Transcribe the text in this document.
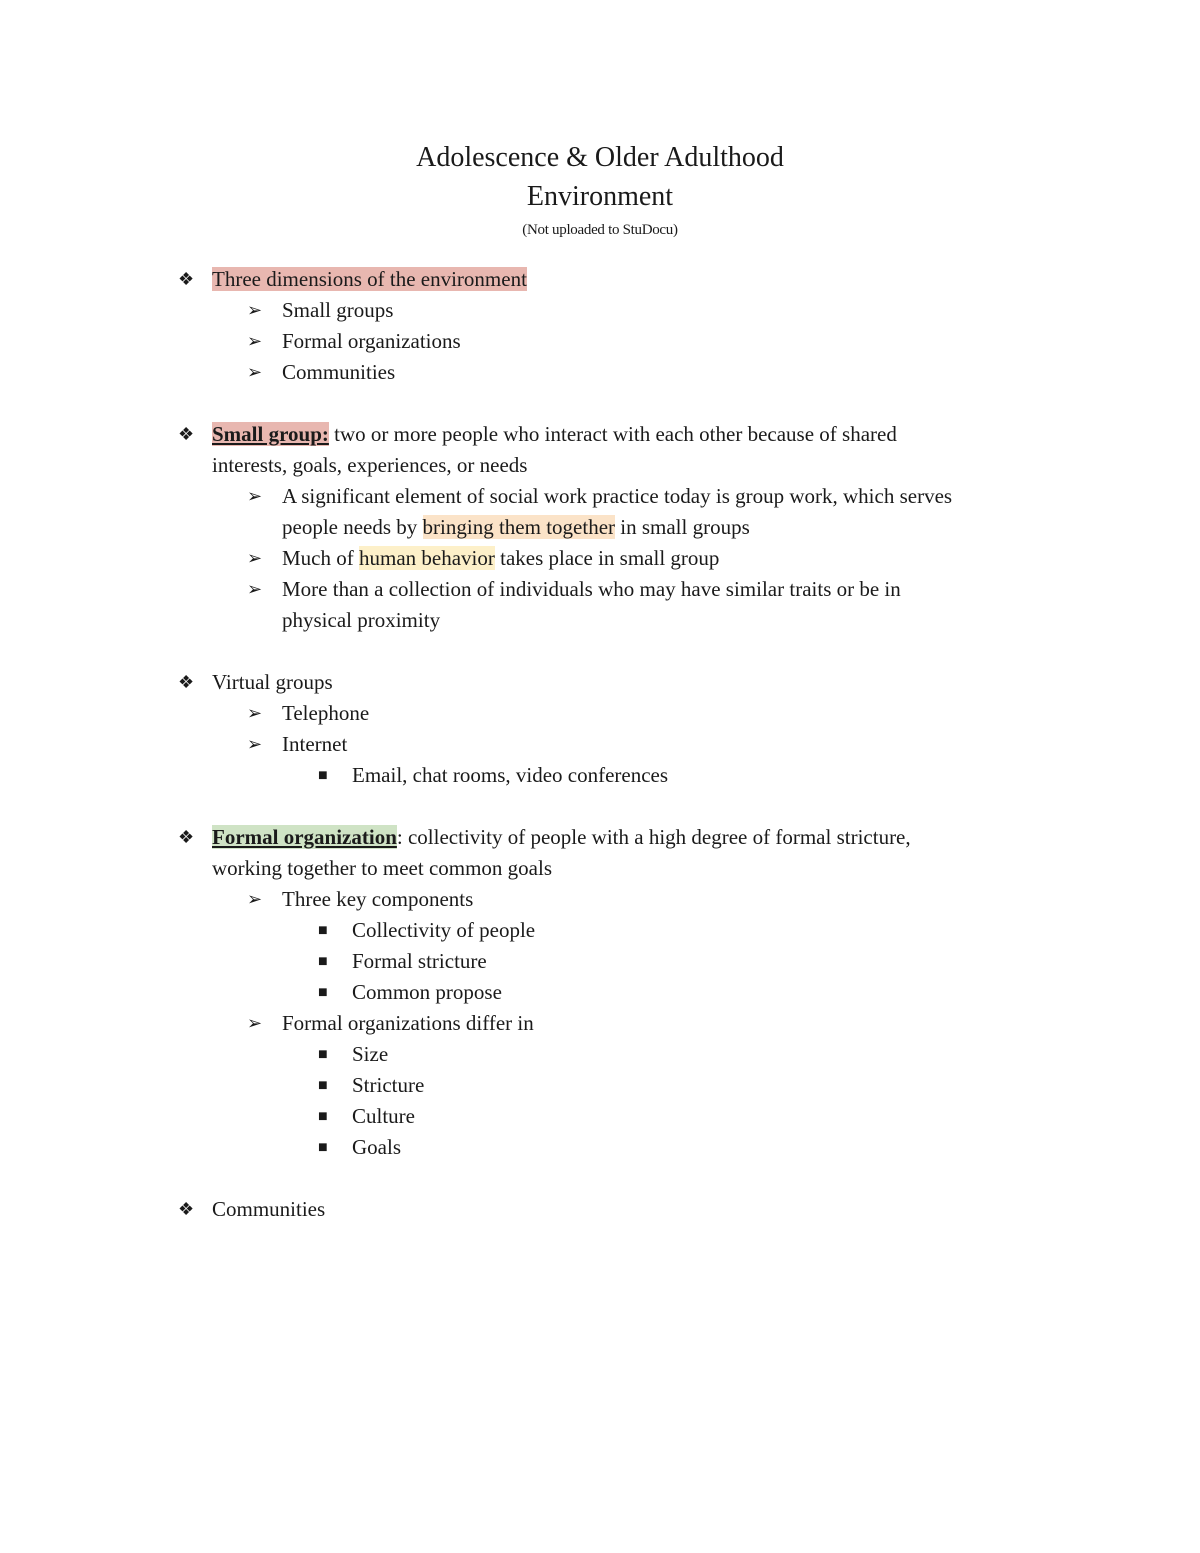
Adolescence & Older Adulthood
Environment
(Not uploaded to StuDocu)
❖ Three dimensions of the environment
➢ Small groups
➢ Formal organizations
➢ Communities
❖ Small group: two or more people who interact with each other because of shared
interests, goals, experiences, or needs
➢ A significant element of social work practice today is group work, which serves
people needs by bringing them together in small groups
➢ Much of human behavior takes place in small group
➢ More than a collection of individuals who may have similar traits or be in
physical proximity
❖ Virtual groups
➢ Telephone
➢ Internet
■ Email, chat rooms, video conferences
❖ Formal organization: collectivity of people with a high degree of formal stricture,
working together to meet common goals
➢ Three key components
■ Collectivity of people
■ Formal stricture
■ Common propose
➢ Formal organizations differ in
■ Size
■ Stricture
■ Culture
■ Goals
❖ Communities
